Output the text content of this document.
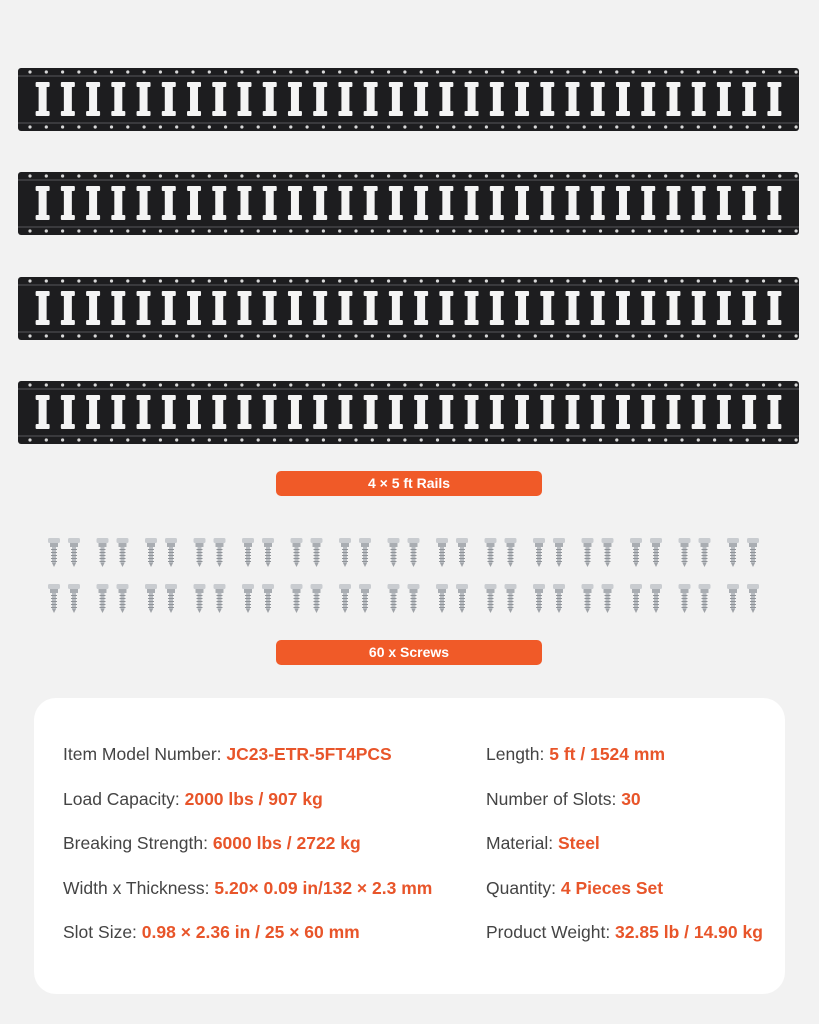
4 × 5 ft Rails
60 x Screws
Item Model Number: JC23-ETR-5FT4PCS
Load Capacity: 2000 lbs / 907 kg
Breaking Strength: 6000 lbs / 2722 kg
Width x Thickness: 5.20× 0.09 in/132 × 2.3 mm
Slot Size: 0.98 × 2.36 in / 25 × 60 mm
Length: 5 ft / 1524 mm
Number of Slots: 30
Material: Steel
Quantity: 4 Pieces Set
Product Weight: 32.85 lb / 14.90 kg
